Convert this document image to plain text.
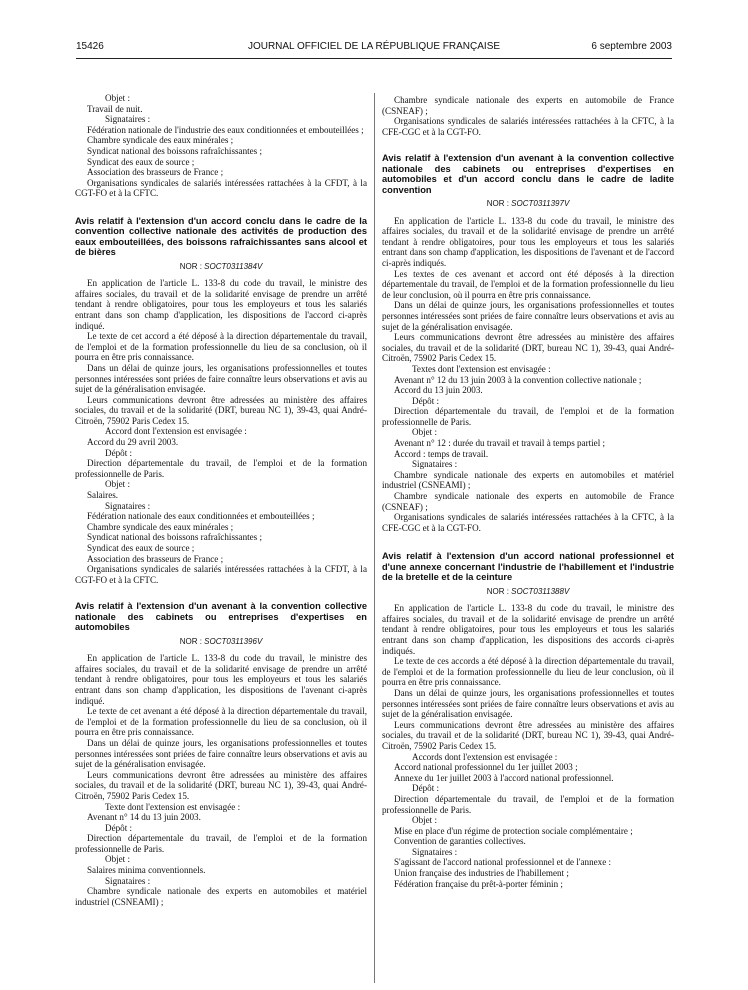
15426	JOURNAL OFFICIEL DE LA RÉPUBLIQUE FRANÇAISE	6 septembre 2003

Objet :

Travail de nuit.

Signataires :

Fédération nationale de l'industrie des eaux conditionnées et embouteillées ;

Chambre syndicale des eaux minérales ;

Syndicat national des boissons rafraîchissantes ;

Syndicat des eaux de source ;

Association des brasseurs de France ;

Organisations syndicales de salariés intéressées rattachées à la CFDT, à la CGT-FO et à la CFTC.

Avis relatif à l'extension d'un accord conclu dans le cadre de la convention collective nationale des activités de production des eaux embouteillées, des boissons rafraîchissantes sans alcool et de bières
NOR : SOCT0311384V

En application de l'article L. 133-8 du code du travail, le ministre des affaires sociales, du travail et de la solidarité envisage de prendre un arrêté tendant à rendre obligatoires, pour tous les employeurs et tous les salariés entrant dans son champ d'application, les dispositions de l'accord ci-après indiqué.

Le texte de cet accord a été déposé à la direction départementale du travail, de l'emploi et de la formation professionnelle du lieu de sa conclusion, où il pourra en être pris connaissance.

Dans un délai de quinze jours, les organisations professionnelles et toutes personnes intéressées sont priées de faire connaître leurs observations et avis au sujet de la généralisation envisagée.

Leurs communications devront être adressées au ministère des affaires sociales, du travail et de la solidarité (DRT, bureau NC 1), 39-43, quai André-Citroën, 75902 Paris Cedex 15.

Accord dont l'extension est envisagée :

Accord du 29 avril 2003.

Dépôt :

Direction départementale du travail, de l'emploi et de la formation professionnelle de Paris.

Objet :

Salaires.

Signataires :

Fédération nationale des eaux conditionnées et embouteillées ;

Chambre syndicale des eaux minérales ;

Syndicat national des boissons rafraîchissantes ;

Syndicat des eaux de source ;

Association des brasseurs de France ;

Organisations syndicales de salariés intéressées rattachées à la CFDT, à la CGT-FO et à la CFTC.

Avis relatif à l'extension d'un avenant à la convention collective nationale des cabinets ou entreprises d'expertises en automobiles
NOR : SOCT0311396V

En application de l'article L. 133-8 du code du travail, le ministre des affaires sociales, du travail et de la solidarité envisage de prendre un arrêté tendant à rendre obligatoires, pour tous les employeurs et tous les salariés entrant dans son champ d'application, les dispositions de l'avenant ci-après indiqué.

Le texte de cet avenant a été déposé à la direction départementale du travail, de l'emploi et de la formation professionnelle du lieu de sa conclusion, où il pourra en être pris connaissance.

Dans un délai de quinze jours, les organisations professionnelles et toutes personnes intéressées sont priées de faire connaître leurs observations et avis au sujet de la généralisation envisagée.

Leurs communications devront être adressées au ministère des affaires sociales, du travail et de la solidarité (DRT, bureau NC 1), 39-43, quai André-Citroën, 75902 Paris Cedex 15.

Texte dont l'extension est envisagée :

Avenant n° 14 du 13 juin 2003.

Dépôt :

Direction départementale du travail, de l'emploi et de la formation professionnelle de Paris.

Objet :

Salaires minima conventionnels.

Signataires :

Chambre syndicale nationale des experts en automobiles et matériel industriel (CSNEAMI) ;

Chambre syndicale nationale des experts en automobile de France (CSNEAF) ;

Organisations syndicales de salariés intéressées rattachées à la CFTC, à la CFE-CGC et à la CGT-FO.

Avis relatif à l'extension d'un avenant à la convention collective nationale des cabinets ou entreprises d'expertises en automobiles et d'un accord conclu dans le cadre de ladite convention
NOR : SOCT0311397V

En application de l'article L. 133-8 du code du travail, le ministre des affaires sociales, du travail et de la solidarité envisage de prendre un arrêté tendant à rendre obligatoires, pour tous les employeurs et tous les salariés entrant dans son champ d'application, les dispositions de l'avenant et de l'accord ci-après indiqués.

Les textes de ces avenant et accord ont été déposés à la direction départementale du travail, de l'emploi et de la formation professionnelle du lieu de leur conclusion, où il pourra en être pris connaissance.

Dans un délai de quinze jours, les organisations professionnelles et toutes personnes intéressées sont priées de faire connaître leurs observations et avis au sujet de la généralisation envisagée.

Leurs communications devront être adressées au ministère des affaires sociales, du travail et de la solidarité (DRT, bureau NC 1), 39-43, quai André-Citroën, 75902 Paris Cedex 15.

Textes dont l'extension est envisagée :

Avenant n° 12 du 13 juin 2003 à la convention collective nationale ;

Accord du 13 juin 2003.

Dépôt :

Direction départementale du travail, de l'emploi et de la formation professionnelle de Paris.

Objet :

Avenant n° 12 : durée du travail et travail à temps partiel ;

Accord : temps de travail.

Signataires :

Chambre syndicale nationale des experts en automobiles et matériel industriel (CSNEAMI) ;

Chambre syndicale nationale des experts en automobile de France (CSNEAF) ;

Organisations syndicales de salariés intéressées rattachées à la CFTC, à la CFE-CGC et à la CGT-FO.

Avis relatif à l'extension d'un accord national professionnel et d'une annexe concernant l'industrie de l'habillement et l'industrie de la bretelle et de la ceinture
NOR : SOCT0311388V

En application de l'article L. 133-8 du code du travail, le ministre des affaires sociales, du travail et de la solidarité envisage de prendre un arrêté tendant à rendre obligatoires, pour tous les employeurs et tous les salariés entrant dans son champ d'application, les dispositions des accords ci-après indiqués.

Le texte de ces accords a été déposé à la direction départementale du travail, de l'emploi et de la formation professionnelle du lieu de leur conclusion, où il pourra en être pris connaissance.

Dans un délai de quinze jours, les organisations professionnelles et toutes personnes intéressées sont priées de faire connaître leurs observations et avis au sujet de la généralisation envisagée.

Leurs communications devront être adressées au ministère des affaires sociales, du travail et de la solidarité (DRT, bureau NC 1), 39-43, quai André-Citroën, 75902 Paris Cedex 15.

Accords dont l'extension est envisagée :

Accord national professionnel du 1er juillet 2003 ;

Annexe du 1er juillet 2003 à l'accord national professionnel.

Dépôt :

Direction départementale du travail, de l'emploi et de la formation professionnelle de Paris.

Objet :

Mise en place d'un régime de protection sociale complémentaire ;

Convention de garanties collectives.

Signataires :

S'agissant de l'accord national professionnel et de l'annexe :

Union française des industries de l'habillement ;

Fédération française du prêt-à-porter féminin ;
